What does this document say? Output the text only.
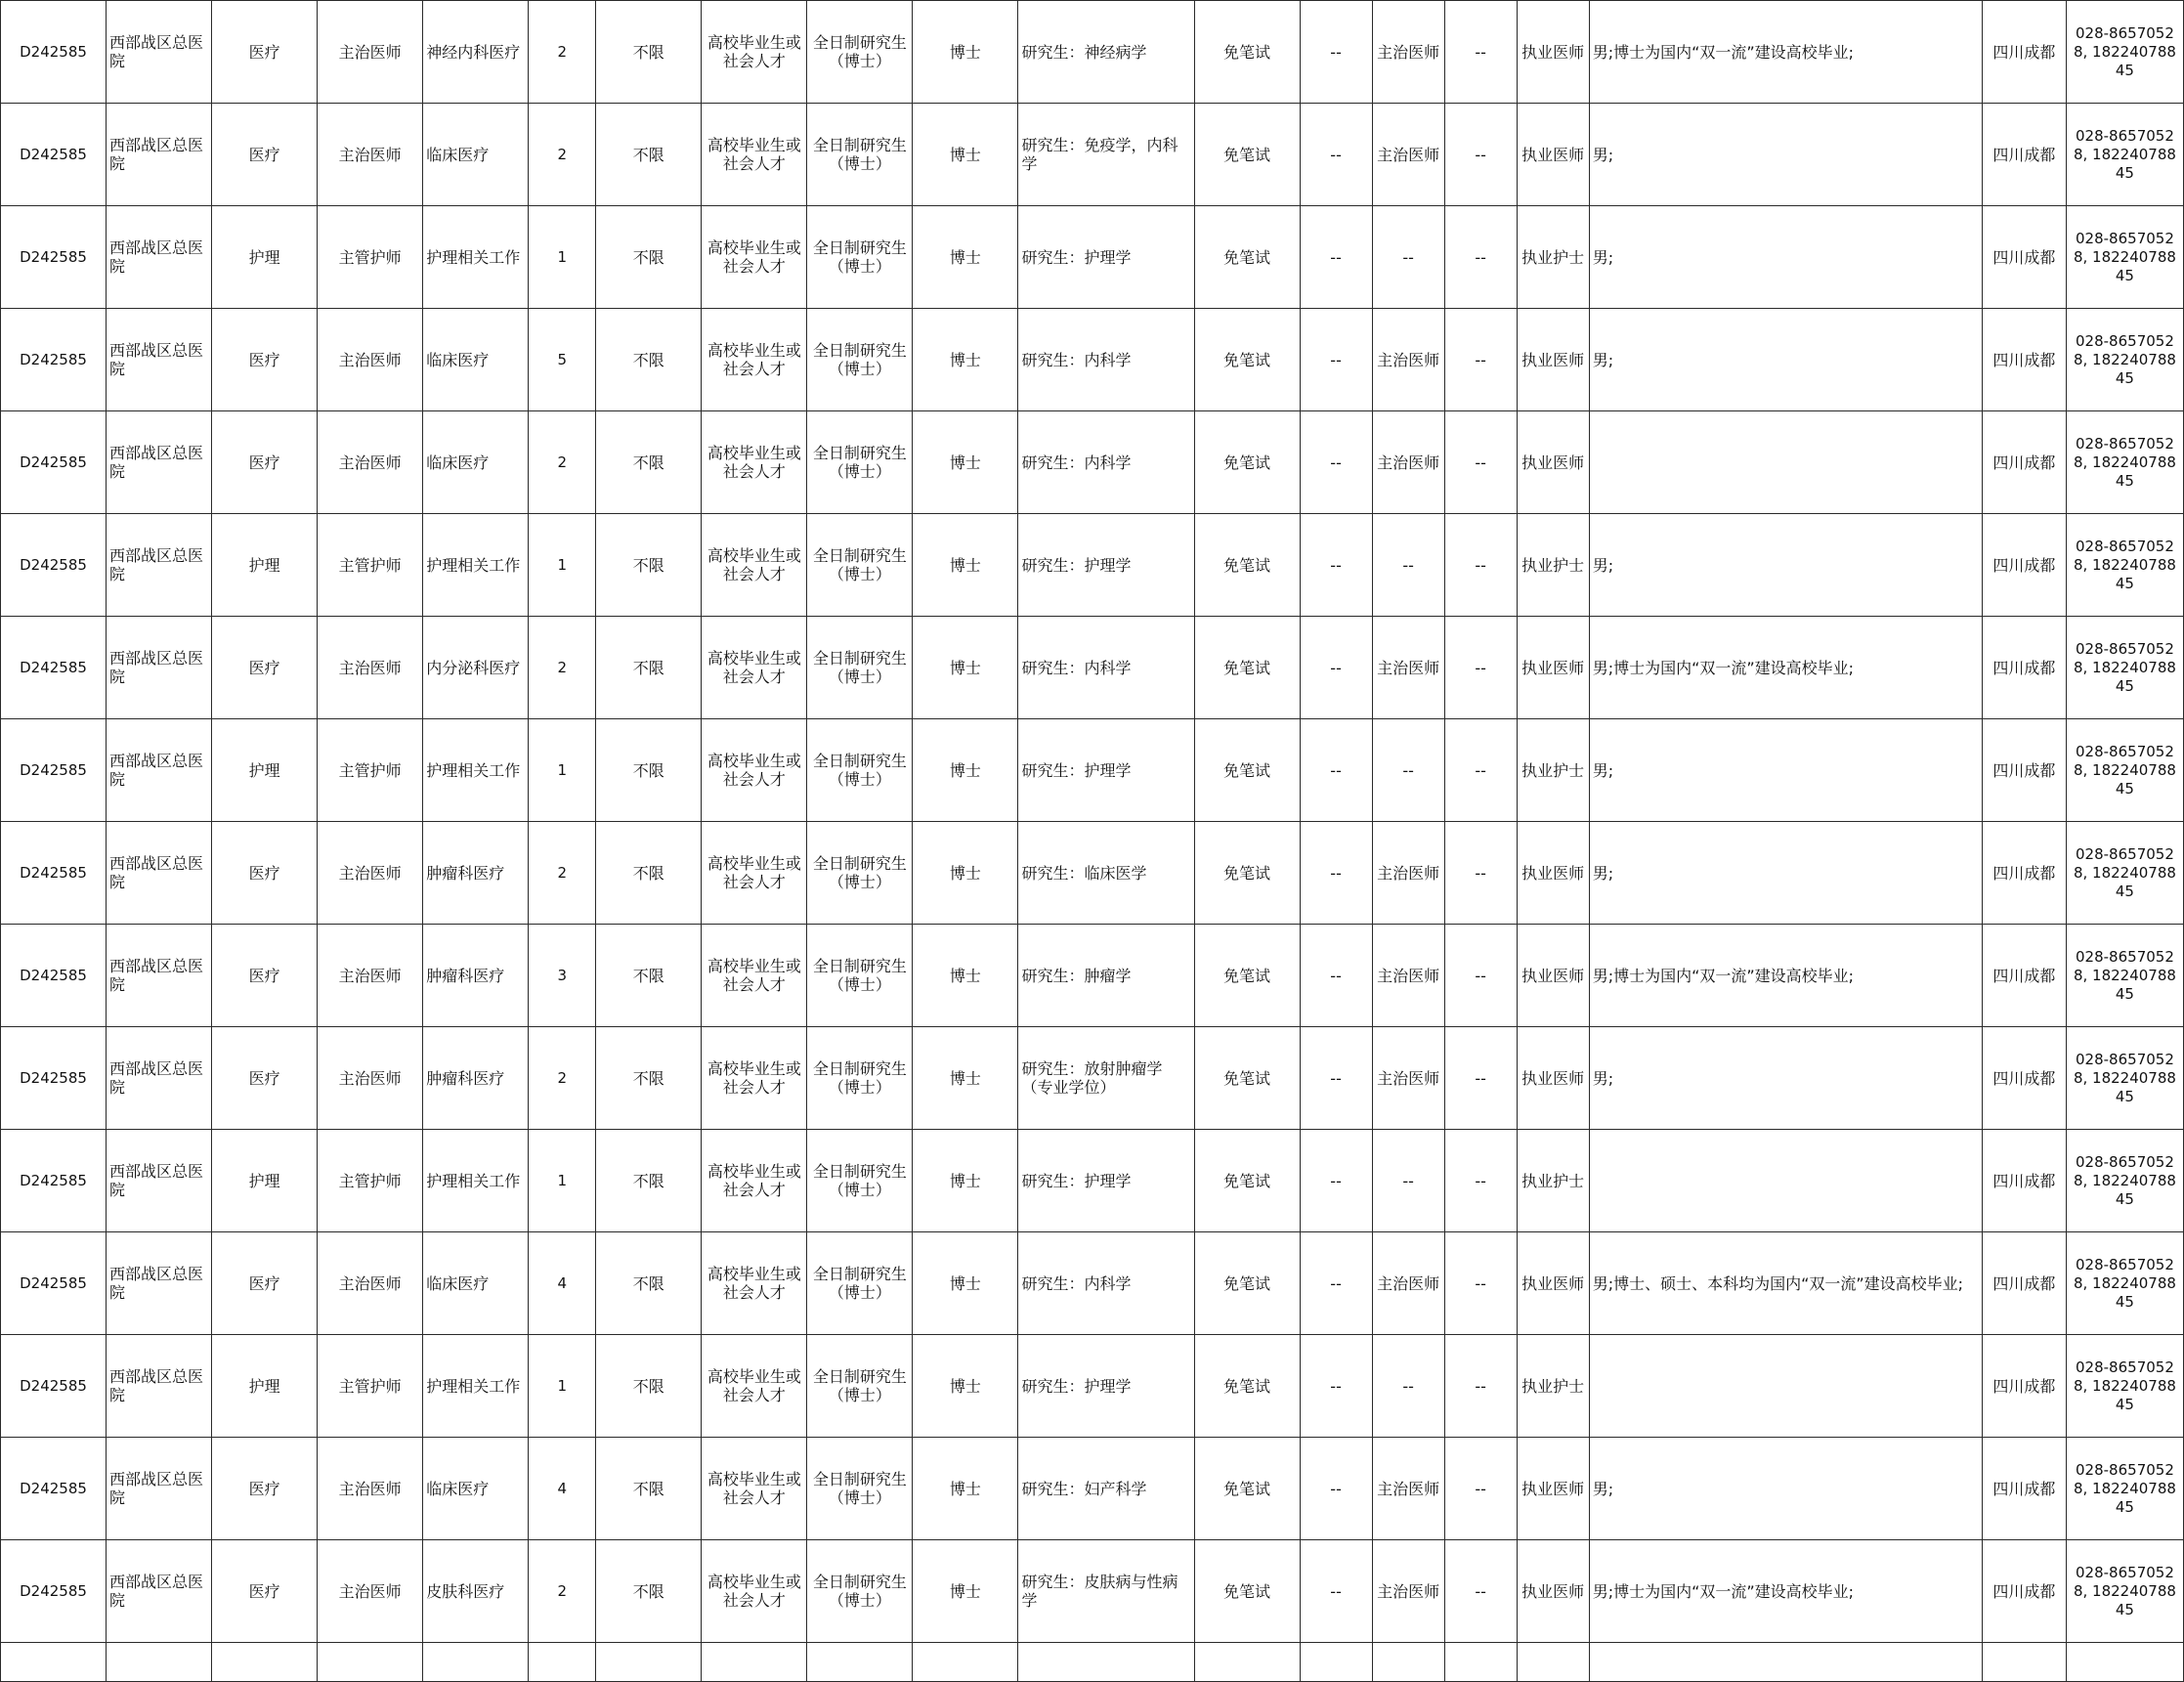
D242585	西部战区总医院	医疗	主治医师	神经内科医疗	2	不限	高校毕业生或社会人才	全日制研究生（博士）	博士	研究生：神经病学	免笔试	--	主治医师	--	执业医师	男;博士为国内“双一流”建设高校毕业;	四川成都	028-86570528, 18224078845
D242585	西部战区总医院	医疗	主治医师	临床医疗	2	不限	高校毕业生或社会人才	全日制研究生（博士）	博士	研究生：免疫学，内科学	免笔试	--	主治医师	--	执业医师	男;	四川成都	028-86570528, 18224078845
D242585	西部战区总医院	护理	主管护师	护理相关工作	1	不限	高校毕业生或社会人才	全日制研究生（博士）	博士	研究生：护理学	免笔试	--	--	--	执业护士	男;	四川成都	028-86570528, 18224078845
D242585	西部战区总医院	医疗	主治医师	临床医疗	5	不限	高校毕业生或社会人才	全日制研究生（博士）	博士	研究生：内科学	免笔试	--	主治医师	--	执业医师	男;	四川成都	028-86570528, 18224078845
D242585	西部战区总医院	医疗	主治医师	临床医疗	2	不限	高校毕业生或社会人才	全日制研究生（博士）	博士	研究生：内科学	免笔试	--	主治医师	--	执业医师		四川成都	028-86570528, 18224078845
D242585	西部战区总医院	护理	主管护师	护理相关工作	1	不限	高校毕业生或社会人才	全日制研究生（博士）	博士	研究生：护理学	免笔试	--	--	--	执业护士	男;	四川成都	028-86570528, 18224078845
D242585	西部战区总医院	医疗	主治医师	内分泌科医疗	2	不限	高校毕业生或社会人才	全日制研究生（博士）	博士	研究生：内科学	免笔试	--	主治医师	--	执业医师	男;博士为国内“双一流”建设高校毕业;	四川成都	028-86570528, 18224078845
D242585	西部战区总医院	护理	主管护师	护理相关工作	1	不限	高校毕业生或社会人才	全日制研究生（博士）	博士	研究生：护理学	免笔试	--	--	--	执业护士	男;	四川成都	028-86570528, 18224078845
D242585	西部战区总医院	医疗	主治医师	肿瘤科医疗	2	不限	高校毕业生或社会人才	全日制研究生（博士）	博士	研究生：临床医学	免笔试	--	主治医师	--	执业医师	男;	四川成都	028-86570528, 18224078845
D242585	西部战区总医院	医疗	主治医师	肿瘤科医疗	3	不限	高校毕业生或社会人才	全日制研究生（博士）	博士	研究生：肿瘤学	免笔试	--	主治医师	--	执业医师	男;博士为国内“双一流”建设高校毕业;	四川成都	028-86570528, 18224078845
D242585	西部战区总医院	医疗	主治医师	肿瘤科医疗	2	不限	高校毕业生或社会人才	全日制研究生（博士）	博士	研究生：放射肿瘤学（专业学位）	免笔试	--	主治医师	--	执业医师	男;	四川成都	028-86570528, 18224078845
D242585	西部战区总医院	护理	主管护师	护理相关工作	1	不限	高校毕业生或社会人才	全日制研究生（博士）	博士	研究生：护理学	免笔试	--	--	--	执业护士		四川成都	028-86570528, 18224078845
D242585	西部战区总医院	医疗	主治医师	临床医疗	4	不限	高校毕业生或社会人才	全日制研究生（博士）	博士	研究生：内科学	免笔试	--	主治医师	--	执业医师	男;博士、硕士、本科均为国内“双一流”建设高校毕业;	四川成都	028-86570528, 18224078845
D242585	西部战区总医院	护理	主管护师	护理相关工作	1	不限	高校毕业生或社会人才	全日制研究生（博士）	博士	研究生：护理学	免笔试	--	--	--	执业护士		四川成都	028-86570528, 18224078845
D242585	西部战区总医院	医疗	主治医师	临床医疗	4	不限	高校毕业生或社会人才	全日制研究生（博士）	博士	研究生：妇产科学	免笔试	--	主治医师	--	执业医师	男;	四川成都	028-86570528, 18224078845
D242585	西部战区总医院	医疗	主治医师	皮肤科医疗	2	不限	高校毕业生或社会人才	全日制研究生（博士）	博士	研究生：皮肤病与性病学	免笔试	--	主治医师	--	执业医师	男;博士为国内“双一流”建设高校毕业;	四川成都	028-86570528, 18224078845
